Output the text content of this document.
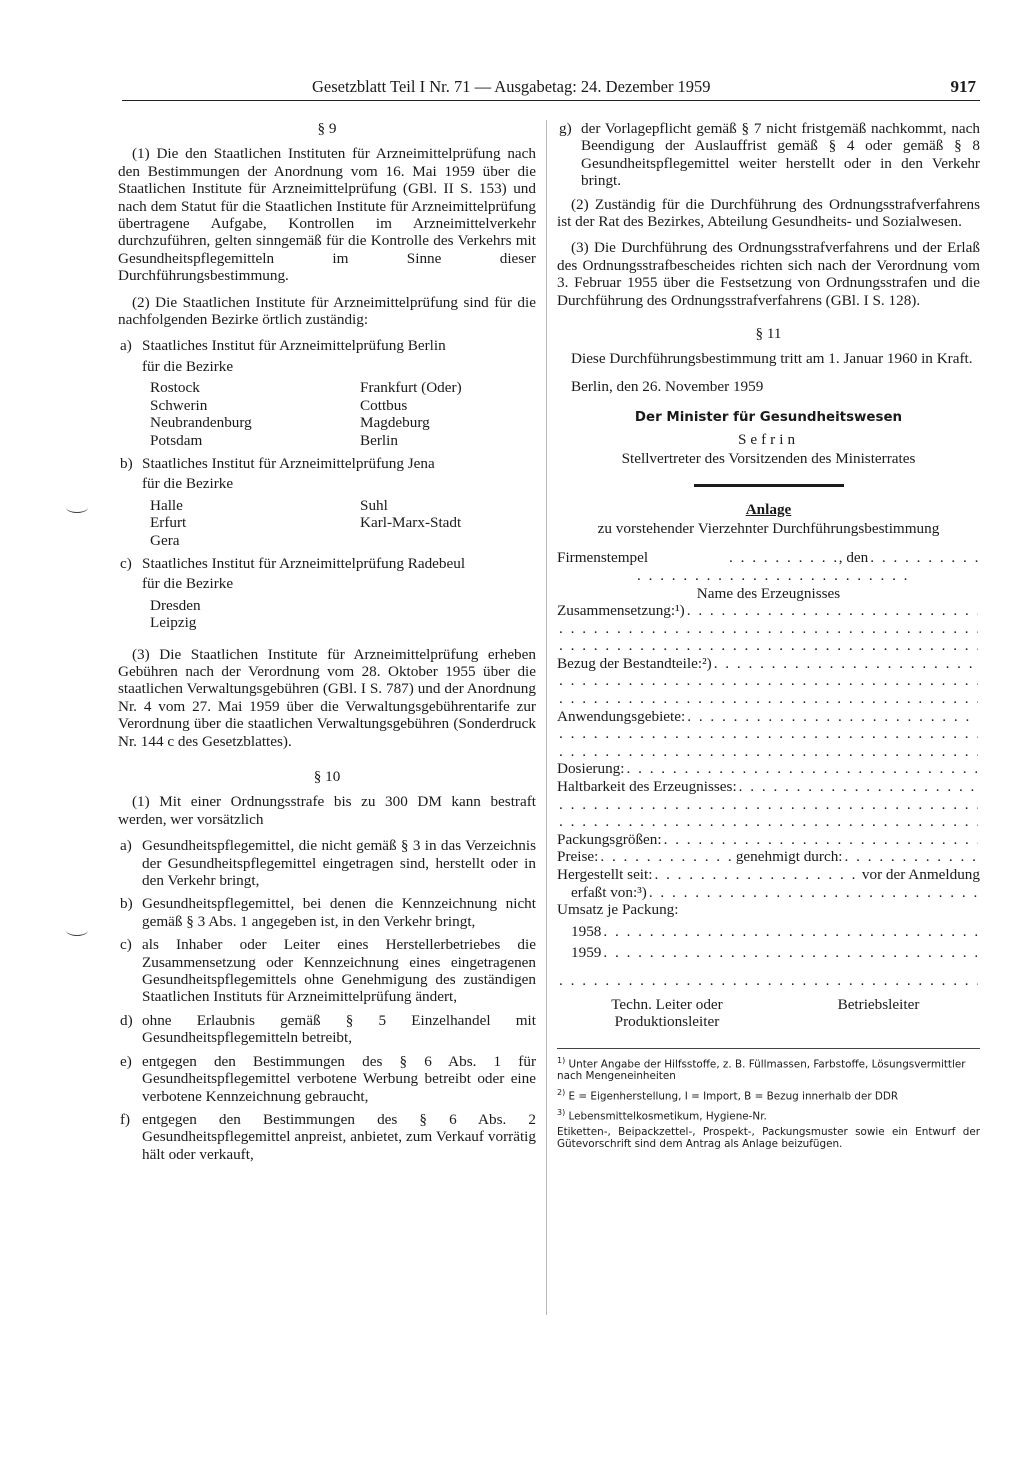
Gesetzblatt Teil I Nr. 71 — Ausgabetag: 24. Dezember 1959	917
§ 9

(1) Die den Staatlichen Instituten für Arzneimittelprüfung nach den Bestimmungen der Anordnung vom 16. Mai 1959 über die Staatlichen Institute für Arzneimittelprüfung (GBl. II S. 153) und nach dem Statut für die Staatlichen Institute für Arzneimittelprüfung übertragene Aufgabe, Kontrollen im Arzneimittelverkehr durchzuführen, gelten sinngemäß für die Kontrolle des Verkehrs mit Gesundheitspflegemitteln im Sinne dieser Durchführungsbestimmung.

(2) Die Staatlichen Institute für Arzneimittelprüfung sind für die nachfolgenden Bezirke örtlich zuständig:

a) Staatliches Institut für Arzneimittelprüfung Berlin
für die Bezirke
Rostock	Frankfurt (Oder)
Schwerin	Cottbus
Neubrandenburg	Magdeburg
Potsdam	Berlin
b) Staatliches Institut für Arzneimittelprüfung Jena
für die Bezirke
Halle	Suhl
Erfurt	Karl-Marx-Stadt
Gera
c) Staatliches Institut für Arzneimittelprüfung Radebeul
für die Bezirke
Dresden
Leipzig

(3) Die Staatlichen Institute für Arzneimittelprüfung erheben Gebühren nach der Verordnung vom 28. Oktober 1955 über die staatlichen Verwaltungsgebühren (GBl. I S. 787) und der Anordnung Nr. 4 vom 27. Mai 1959 über die Verwaltungsgebührentarife zur Verordnung über die staatlichen Verwaltungsgebühren (Sonderdruck Nr. 144 c des Gesetzblattes).

§ 10

(1) Mit einer Ordnungsstrafe bis zu 300 DM kann bestraft werden, wer vorsätzlich

a) Gesundheitspflegemittel, die nicht gemäß § 3 in das Verzeichnis der Gesundheitspflegemittel eingetragen sind, herstellt oder in den Verkehr bringt,
b) Gesundheitspflegemittel, bei denen die Kennzeichnung nicht gemäß § 3 Abs. 1 angegeben ist, in den Verkehr bringt,
c) als Inhaber oder Leiter eines Herstellerbetriebes die Zusammensetzung oder Kennzeichnung eines eingetragenen Gesundheitspflegemittels ohne Genehmigung des zuständigen Staatlichen Instituts für Arzneimittelprüfung ändert,
d) ohne Erlaubnis gemäß § 5 Einzelhandel mit Gesundheitspflegemitteln betreibt,
e) entgegen den Bestimmungen des § 6 Abs. 1 für Gesundheitspflegemittel verbotene Werbung betreibt oder eine verbotene Kennzeichnung gebraucht,
f) entgegen den Bestimmungen des § 6 Abs. 2 Gesundheitspflegemittel anpreist, anbietet, zum Verkauf vorrätig hält oder verkauft,
g) der Vorlagepflicht gemäß § 7 nicht fristgemäß nachkommt, nach Beendigung der Auslauffrist gemäß § 4 oder gemäß § 8 Gesundheitspflegemittel weiter herstellt oder in den Verkehr bringt.

(2) Zuständig für die Durchführung des Ordnungsstrafverfahrens ist der Rat des Bezirkes, Abteilung Gesundheits- und Sozialwesen.

(3) Die Durchführung des Ordnungsstrafverfahrens und der Erlaß des Ordnungsstrafbescheides richten sich nach der Verordnung vom 3. Februar 1955 über die Festsetzung von Ordnungsstrafen und die Durchführung des Ordnungsstrafverfahrens (GBl. I S. 128).

§ 11

Diese Durchführungsbestimmung tritt am 1. Januar 1960 in Kraft.

Berlin, den 26. November 1959

Der Minister für Gesundheitswesen

Sefrin

Stellvertreter des Vorsitzenden des Ministerrates

Anlage

zu vorstehender Vierzehnter Durchführungsbestimmung

Firmenstempel . . .	, den
. . .
. . .
Name des Erzeugnisses
Zusammensetzung:¹)
. . .
. . .
. . .
Bezug der Bestandteile:²)
. . .
. . .
. . .
Anwendungsgebiete:
. . .
. . .
. . .
Dosierung:
. . .
Haltbarkeit des Erzeugnisses:
. . .
. . .
. . .
Packungsgrößen:
. . .
Preise: . . .	genehmigt durch:
. . .
Hergestellt seit: . . .	vor der Anmeldung
erfaßt von:³)
. . .
Umsatz je Packung:
1958
. . .
1959
. . .
. . .
Techn. Leiter oder
Produktionsleiter
Betriebsleiter

$^{1)}$ Unter Angabe der Hilfsstoffe, z. B. Füllmassen, Farbstoffe, Lösungsvermittler nach Mengeneinheiten

$^{2)}$ E = Eigenherstellung, I = Import, B = Bezug innerhalb der DDR

$^{3)}$ Lebensmittelkosmetikum, Hygiene-Nr.

Etiketten-, Beipackzettel-, Prospekt-, Packungsmuster sowie ein Entwurf der Gütevorschrift sind dem Antrag als Anlage beizufügen.
